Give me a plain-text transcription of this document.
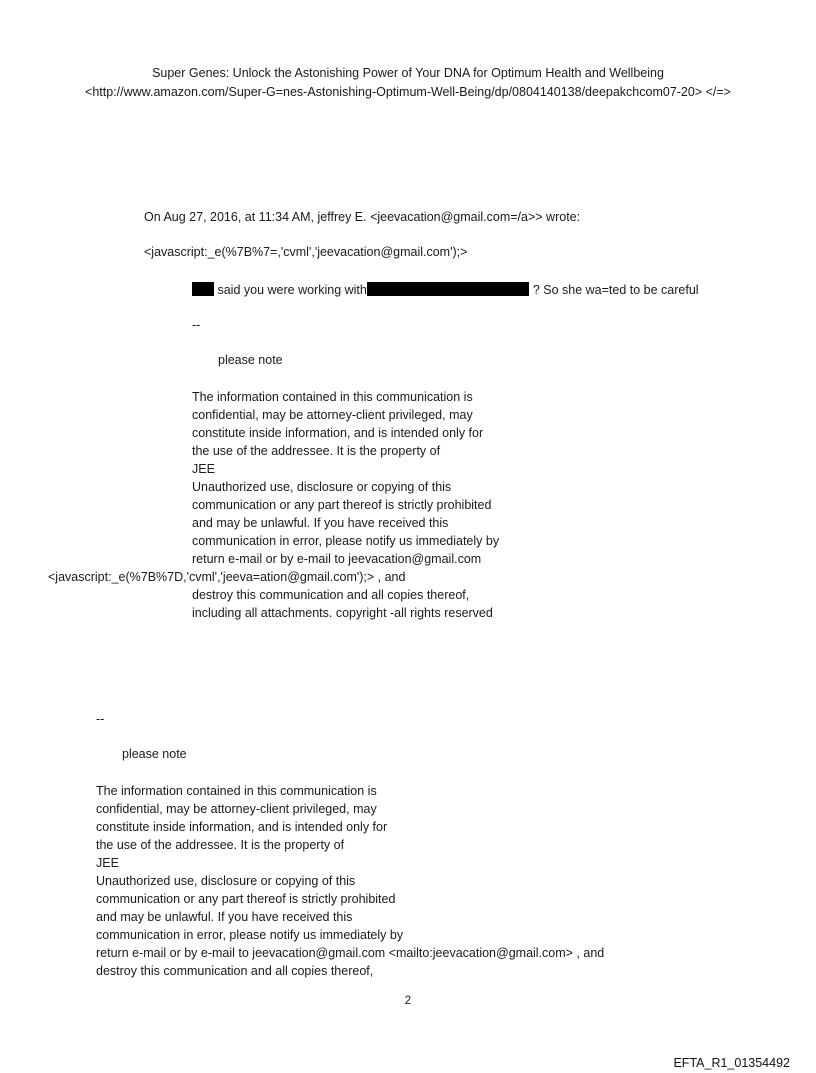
Super Genes: Unlock the Astonishing Power of Your DNA for Optimum Health and Wellbeing
<http://www.amazon.com/Super-G=nes-Astonishing-Optimum-Well-Being/dp/0804140138/deepakchcom07-20> </=>
On Aug 27, 2016, at 11:34 AM, jeffrey E. <jeevacation@gmail.com=/a>> wrote:
<javascript:_e(%7B%7=,'cvml','jeevacation@gmail.com');>
said you were working with	? So she wa=ted to be careful
--
please note
The information contained in this communication is
confidential, may be attorney-client privileged, may
constitute inside information, and is intended only for
the use of the addressee. It is the property of
JEE
Unauthorized use, disclosure or copying of this
communication or any part thereof is strictly prohibited
and may be unlawful. If you have received this
communication in error, please notify us immediately by
return e-mail or by e-mail to jeevacation@gmail.com
<javascript:_e(%7B%7D,'cvml','jeeva=ation@gmail.com');> , and
destroy this communication and all copies thereof,
including all attachments. copyright -all rights reserved
--
please note
The information contained in this communication is
confidential, may be attorney-client privileged, may
constitute inside information, and is intended only for
the use of the addressee. It is the property of
JEE
Unauthorized use, disclosure or copying of this
communication or any part thereof is strictly prohibited
and may be unlawful. If you have received this
communication in error, please notify us immediately by
return e-mail or by e-mail to jeevacation@gmail.com <mailto:jeevacation@gmail.com> , and
destroy this communication and all copies thereof,
2
EFTA_R1_01354492
